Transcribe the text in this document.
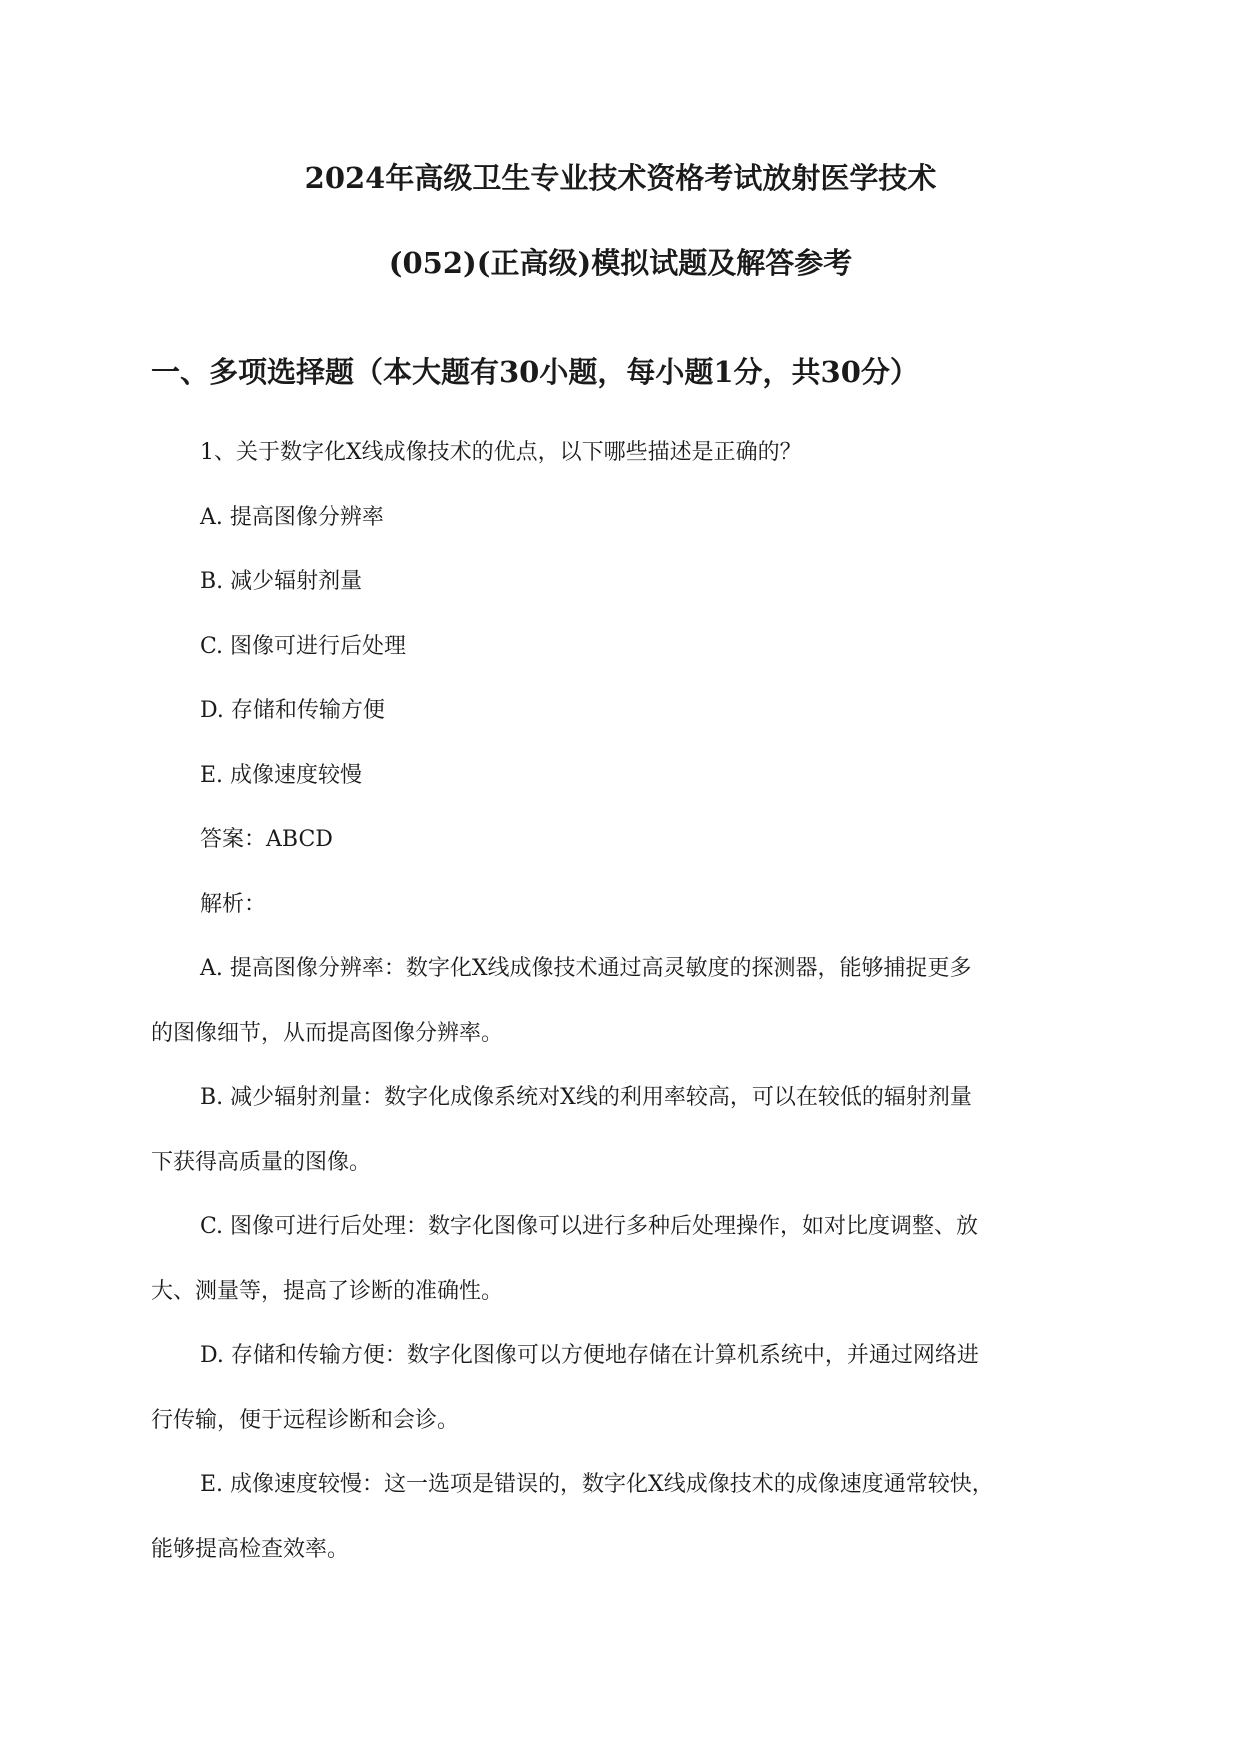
2024年高级卫生专业技术资格考试放射医学技术
(052)(正高级)模拟试题及解答参考
一、多项选择题（本大题有30小题，每小题1分，共30分）
1、关于数字化X线成像技术的优点，以下哪些描述是正确的？
A. 提高图像分辨率
B. 减少辐射剂量
C. 图像可进行后处理
D. 存储和传输方便
E. 成像速度较慢
答案：ABCD
解析：
A. 提高图像分辨率：数字化X线成像技术通过高灵敏度的探测器，能够捕捉更多
的图像细节，从而提高图像分辨率。
B. 减少辐射剂量：数字化成像系统对X线的利用率较高，可以在较低的辐射剂量
下获得高质量的图像。
C. 图像可进行后处理：数字化图像可以进行多种后处理操作，如对比度调整、放
大、测量等，提高了诊断的准确性。
D. 存储和传输方便：数字化图像可以方便地存储在计算机系统中，并通过网络进
行传输，便于远程诊断和会诊。
E. 成像速度较慢：这一选项是错误的，数字化X线成像技术的成像速度通常较快，
能够提高检查效率。
